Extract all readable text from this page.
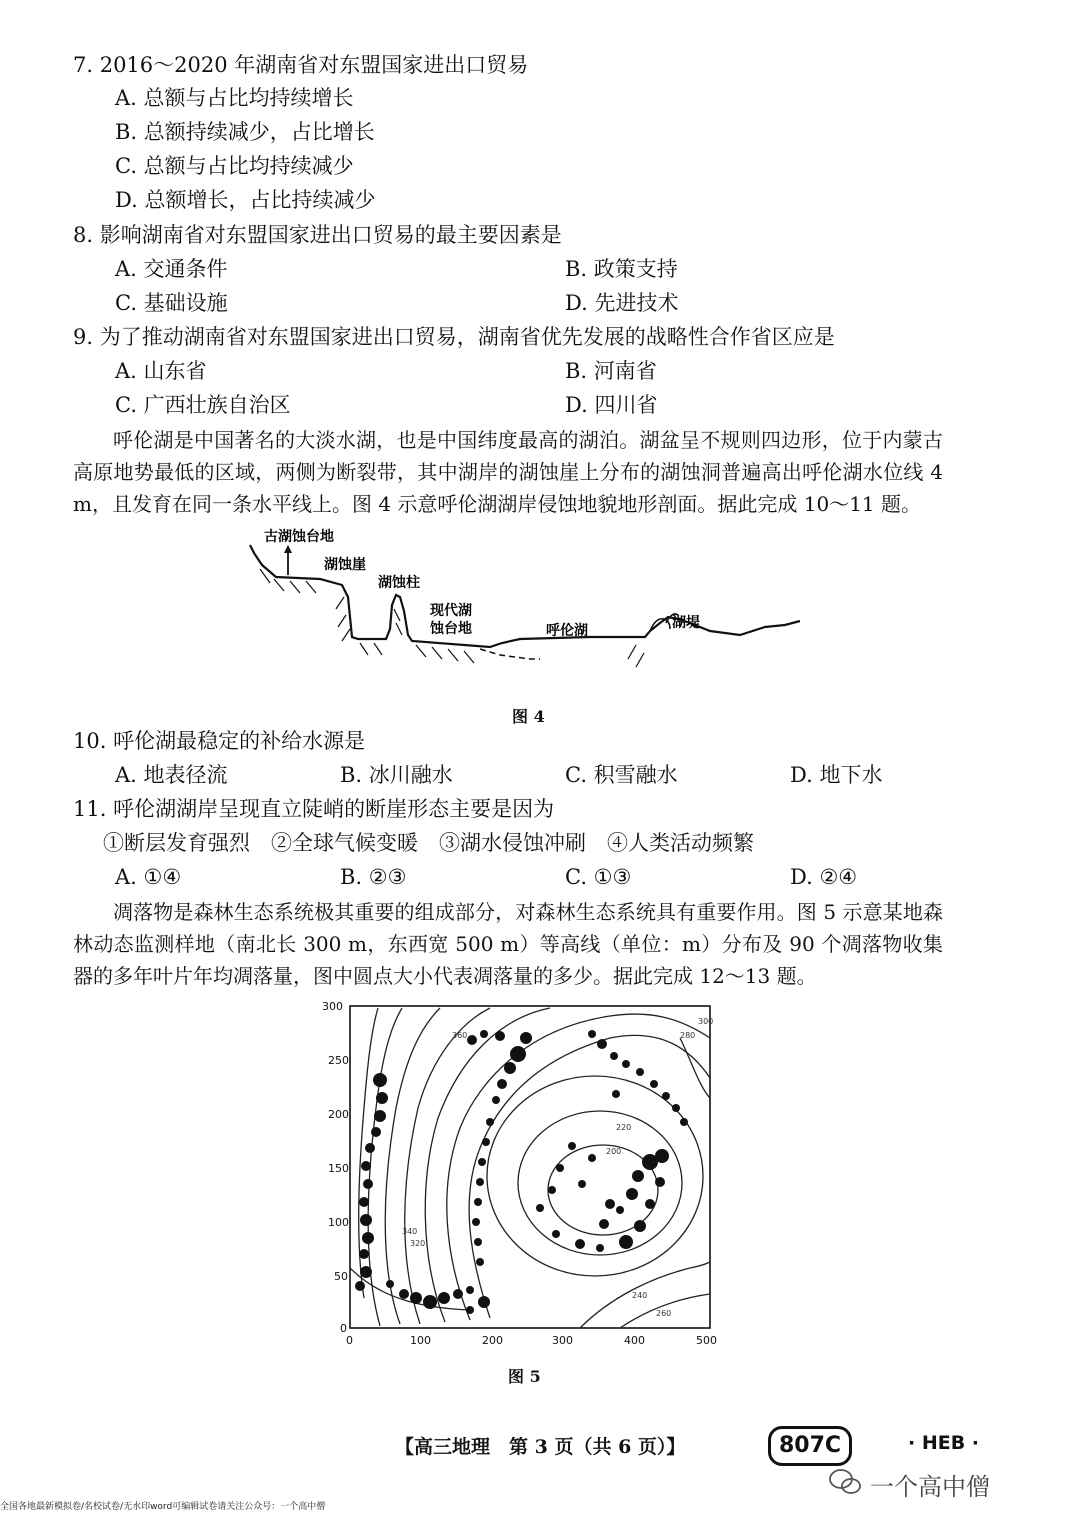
7. 2016～2020 年湖南省对东盟国家进出口贸易
A. 总额与占比均持续增长
B. 总额持续减少，占比增长
C. 总额与占比均持续减少
D. 总额增长，占比持续减少
8. 影响湖南省对东盟国家进出口贸易的最主要因素是
A. 交通条件	B. 政策支持
C. 基础设施	D. 先进技术
9. 为了推动湖南省对东盟国家进出口贸易，湖南省优先发展的战略性合作省区应是
A. 山东省	B. 河南省
C. 广西壮族自治区	D. 四川省
呼伦湖是中国著名的大淡水湖，也是中国纬度最高的湖泊。湖盆呈不规则四边形，位于内蒙古高原地势最低的区域，两侧为断裂带，其中湖岸的湖蚀崖上分布的湖蚀洞普遍高出呼伦湖水位线 4 m，且发育在同一条水平线上。图 4 示意呼伦湖湖岸侵蚀地貌地形剖面。据此完成 10～11 题。
古湖蚀台地
湖蚀崖
湖蚀柱
现代湖
蚀台地	呼伦湖	湖堤
图 4
10. 呼伦湖最稳定的补给水源是
A. 地表径流	B. 冰川融水	C. 积雪融水	D. 地下水
11. 呼伦湖湖岸呈现直立陡峭的断崖形态主要是因为
①断层发育强烈　②全球气候变暖　③湖水侵蚀冲刷　④人类活动频繁
A. ①④	B. ②③	C. ①③	D. ②④
凋落物是森林生态系统极其重要的组成部分，对森林生态系统具有重要作用。图 5 示意某地森林动态监测样地（南北长 300 m，东西宽 500 m）等高线（单位：m）分布及 90 个凋落物收集器的多年叶片年均凋落量，图中圆点大小代表凋落量的多少。据此完成 12～13 题。
300
250
200
150
100
50
0
0	100	200	300	400	500
200
220
240
260
280
300
320
340
360
图 5
【高三地理　第 3 页（共 6 页）】	807C	· HEB ·
一个高中僧
全国各地最新模拟卷/名校试卷/无水印word可编辑试卷请关注公众号：一个高中僧
